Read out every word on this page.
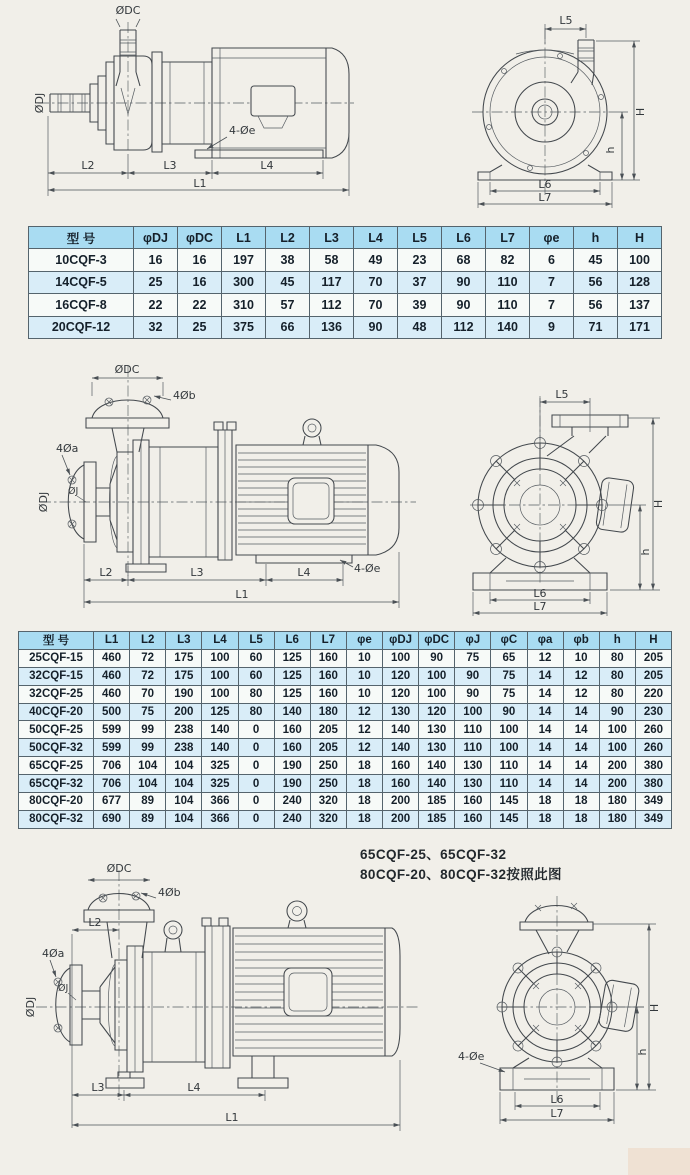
ØDJ
ØDC
4-Øe
L2	L3	L4
L1
L5
H
h
L6
L7
型 号	φDJ	φDC	L1	L2	L3	L4	L5	L6	L7	φe	h	H
10CQF-3	16	16	197	38	58	49	23	68	82	6	45	100
14CQF-5	25	16	300	45	117	70	37	90	110	7	56	128
16CQF-8	22	22	310	57	112	70	39	90	110	7	56	137
20CQF-12	32	25	375	66	136	90	48	112	140	9	71	171
ØDC
4Øb
4Øa
ØJ
ØDJ
4-Øe
L2	L3	L4
L1
L5
H
h
L6
L7
型 号	L1	L2	L3	L4	L5	L6	L7	φe	φDJ	φDC	φJ	φC	φa	φb	h	H
25CQF-15	460	72	175	100	60	125	160	10	100	90	75	65	12	10	80	205
32CQF-15	460	72	175	100	60	125	160	10	120	100	90	75	14	12	80	205
32CQF-25	460	70	190	100	80	125	160	10	120	100	90	75	14	12	80	220
40CQF-20	500	75	200	125	80	140	180	12	130	120	100	90	14	14	90	230
50CQF-25	599	99	238	140	0	160	205	12	140	130	110	100	14	14	100	260
50CQF-32	599	99	238	140	0	160	205	12	140	130	110	100	14	14	100	260
65CQF-25	706	104	104	325	0	190	250	18	160	140	130	110	14	14	200	380
65CQF-32	706	104	104	325	0	190	250	18	160	140	130	110	14	14	200	380
80CQF-20	677	89	104	366	0	240	320	18	200	185	160	145	18	18	180	349
80CQF-32	690	89	104	366	0	240	320	18	200	185	160	145	18	18	180	349
65CQF-25、65CQF-32
80CQF-20、80CQF-32按照此图
ØDC
4Øb
L2
4Øa
ØJ
ØDJ
L3	L4
L1
4-Øe
H
h
L6
L7
